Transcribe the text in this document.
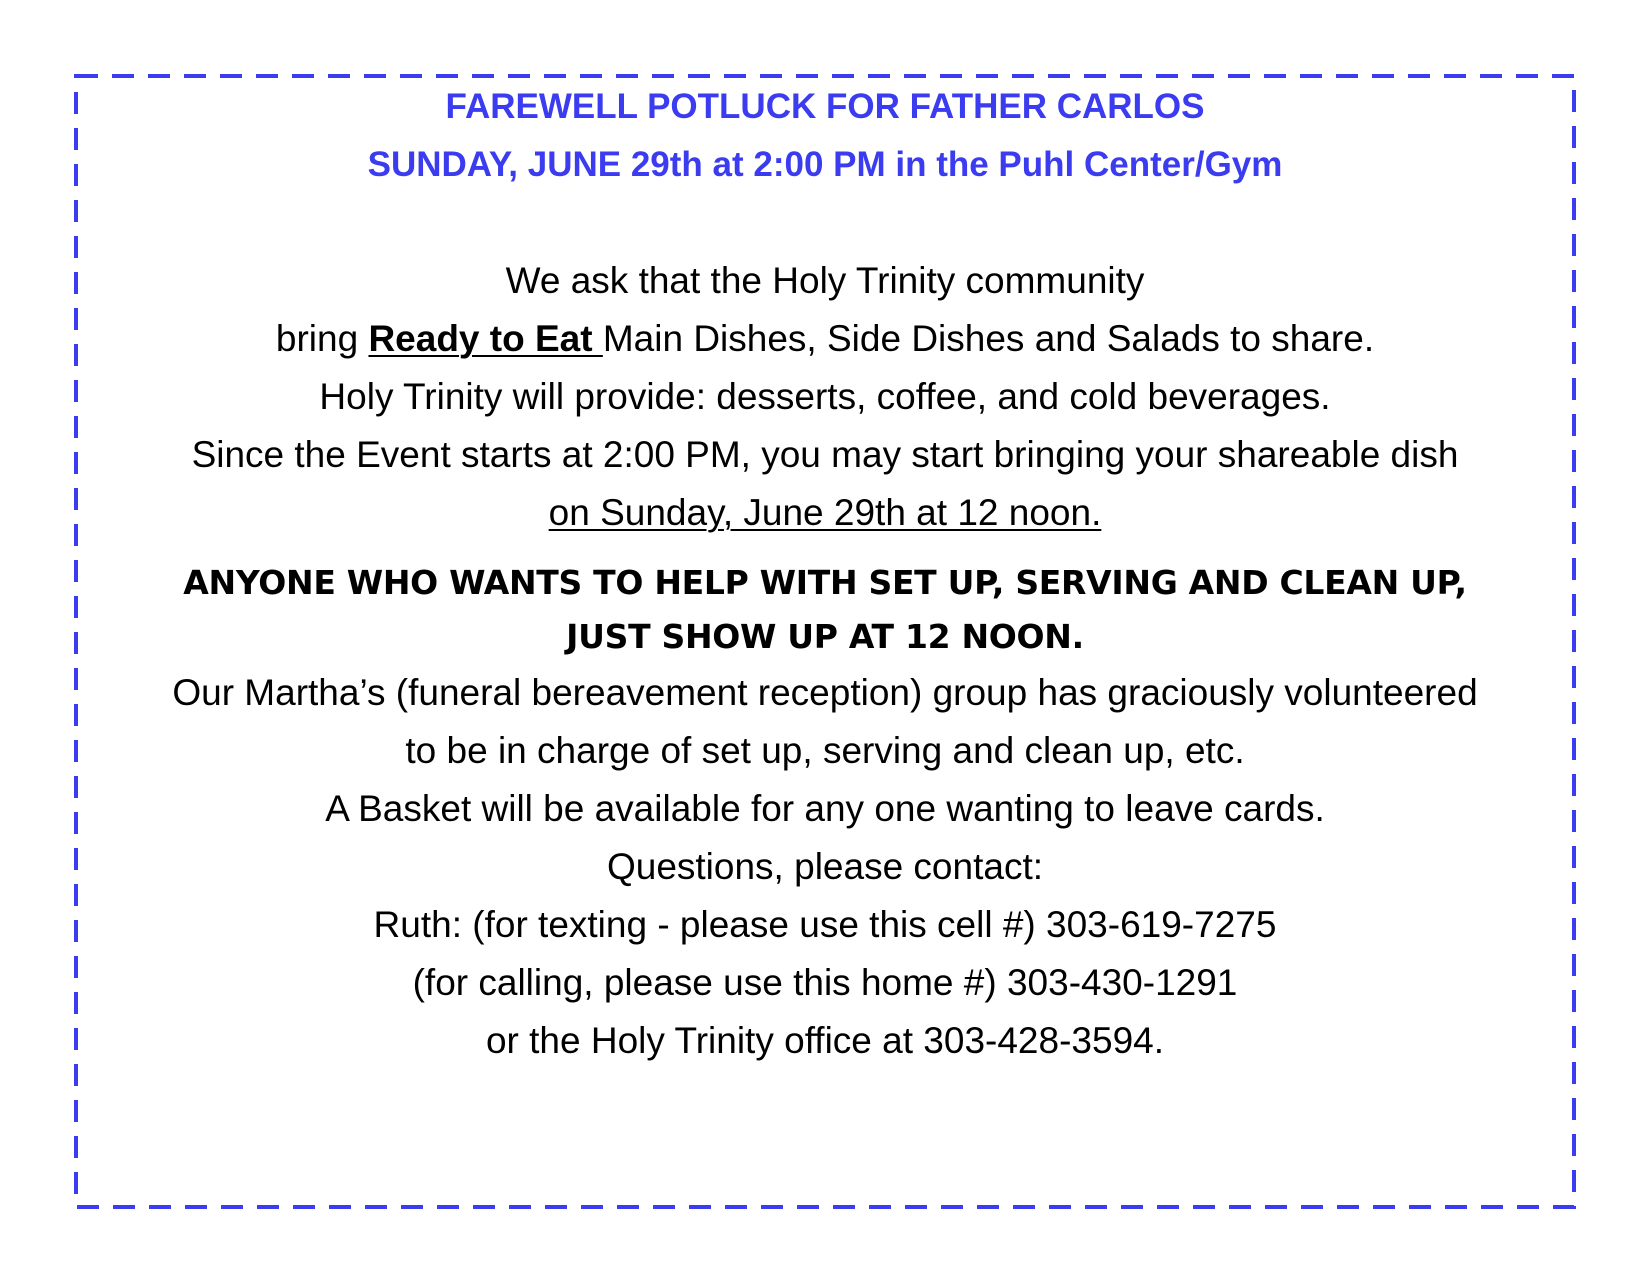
FAREWELL POTLUCK FOR FATHER CARLOS

SUNDAY, JUNE 29th at 2:00 PM in the Puhl Center/Gym

We ask that the Holy Trinity community

bring Ready to Eat Main Dishes, Side Dishes and Salads to share.

Holy Trinity will provide: desserts, coffee, and cold beverages.

Since the Event starts at 2:00 PM, you may start bringing your shareable dish

on Sunday, June 29th at 12 noon.

ANYONE WHO WANTS TO HELP WITH SET UP, SERVING AND CLEAN UP,

JUST SHOW UP AT 12 NOON.

Our Martha’s (funeral bereavement reception) group has graciously volunteered

to be in charge of set up, serving and clean up, etc.

A Basket will be available for any one wanting to leave cards.

Questions, please contact:

Ruth: (for texting - please use this cell #) 303-619-7275

(for calling, please use this home #) 303-430-1291

or the Holy Trinity office at 303-428-3594.
